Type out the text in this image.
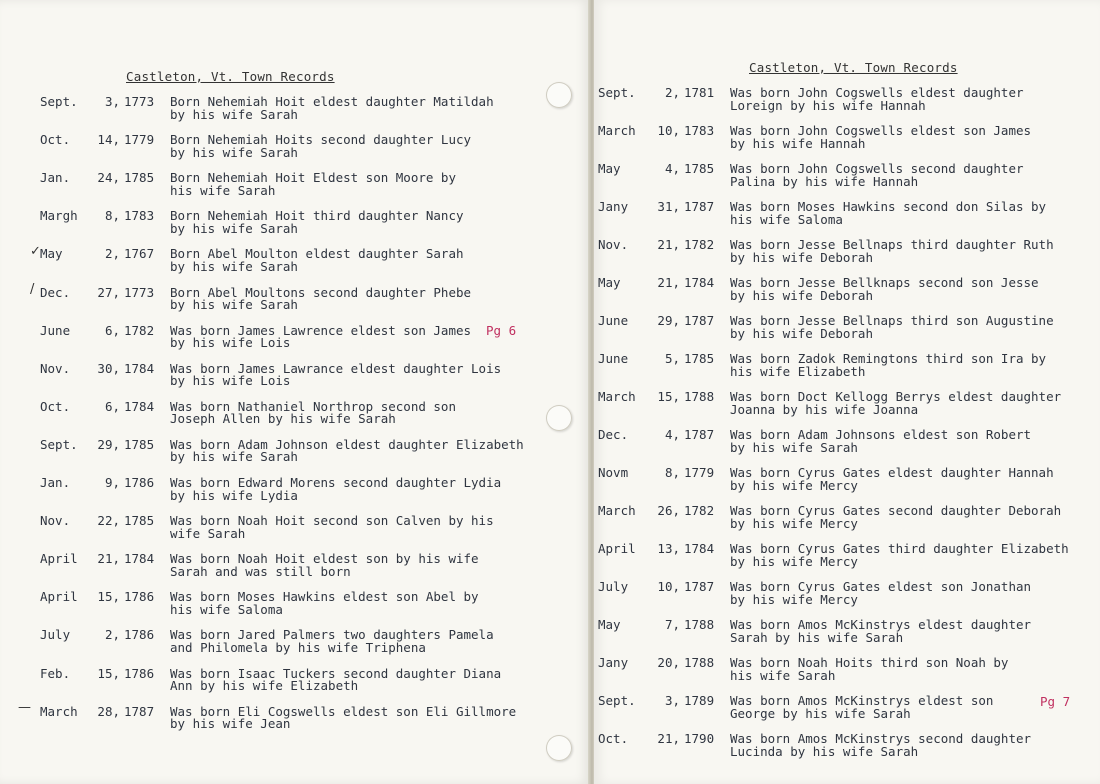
Castleton, Vt. Town Records
Sept.	3, 1773 Born Nehemiah Hoit eldest daughter Matildah
by his wife Sarah
Oct.	14, 1779 Born Nehemiah Hoits second daughter Lucy
by his wife Sarah
Jan.	24, 1785 Born Nehemiah Hoit Eldest son Moore by
his wife Sarah
Margh	8, 1783 Born Nehemiah Hoit third daughter Nancy
by his wife Sarah
May	2, 1767 Born Abel Moulton eldest daughter Sarah
by his wife Sarah
Dec.	27, 1773 Born Abel Moultons second daughter Phebe
by his wife Sarah
June	6, 1782 Was born James Lawrence eldest son James
by his wife Lois
Nov.	30, 1784 Was born James Lawrance eldest daughter Lois
by his wife Lois
Oct.	6, 1784 Was born Nathaniel Northrop second son
Joseph Allen by his wife Sarah
Sept.	29, 1785 Was born Adam Johnson eldest daughter Elizabeth
by his wife Sarah
Jan.	9, 1786 Was born Edward Morens second daughter Lydia
by his wife Lydia
Nov.	22, 1785 Was born Noah Hoit second son Calven by his
wife Sarah
April	21, 1784 Was born Noah Hoit eldest son by his wife
Sarah and was still born
April	15, 1786 Was born Moses Hawkins eldest son Abel by
his wife Saloma
July	2, 1786 Was born Jared Palmers two daughters Pamela
and Philomela by his wife Triphena
Feb.	15, 1786 Was born Isaac Tuckers second daughter Diana
Ann by his wife Elizabeth
March	28, 1787 Was born Eli Cogswells eldest son Eli Gillmore
by his wife Jean
Pg 6
✓
/
—
Castleton, Vt. Town Records
Sept.	2, 1781 Was born John Cogswells eldest daughter
Loreign by his wife Hannah
March	10, 1783 Was born John Cogswells eldest son James
by his wife Hannah
May	4, 1785 Was born John Cogswells second daughter
Palina by his wife Hannah
Jany	31, 1787 Was born Moses Hawkins second don Silas by
his wife Saloma
Nov.	21, 1782 Was born Jesse Bellnaps third daughter Ruth
by his wife Deborah
May	21, 1784 Was born Jesse Bellknaps second son Jesse
by his wife Deborah
June	29, 1787 Was born Jesse Bellnaps third son Augustine
by his wife Deborah
June	5, 1785 Was born Zadok Remingtons third son Ira by
his wife Elizabeth
March	15, 1788 Was born Doct Kellogg Berrys eldest daughter
Joanna by his wife Joanna
Dec.	4, 1787 Was born Adam Johnsons eldest son Robert
by his wife Sarah
Novm	8, 1779 Was born Cyrus Gates eldest daughter Hannah
by his wife Mercy
March	26, 1782 Was born Cyrus Gates second daughter Deborah
by his wife Mercy
April	13, 1784 Was born Cyrus Gates third daughter Elizabeth
by his wife Mercy
July	10, 1787 Was born Cyrus Gates eldest son Jonathan
by his wife Mercy
May	7, 1788 Was born Amos McKinstrys eldest daughter
Sarah by his wife Sarah
Jany	20, 1788 Was born Noah Hoits third son Noah by
his wife Sarah
Sept.	3, 1789 Was born Amos McKinstrys eldest son
George by his wife Sarah
Oct.	21, 1790 Was born Amos McKinstrys second daughter
Lucinda by his wife Sarah
Pg 7
